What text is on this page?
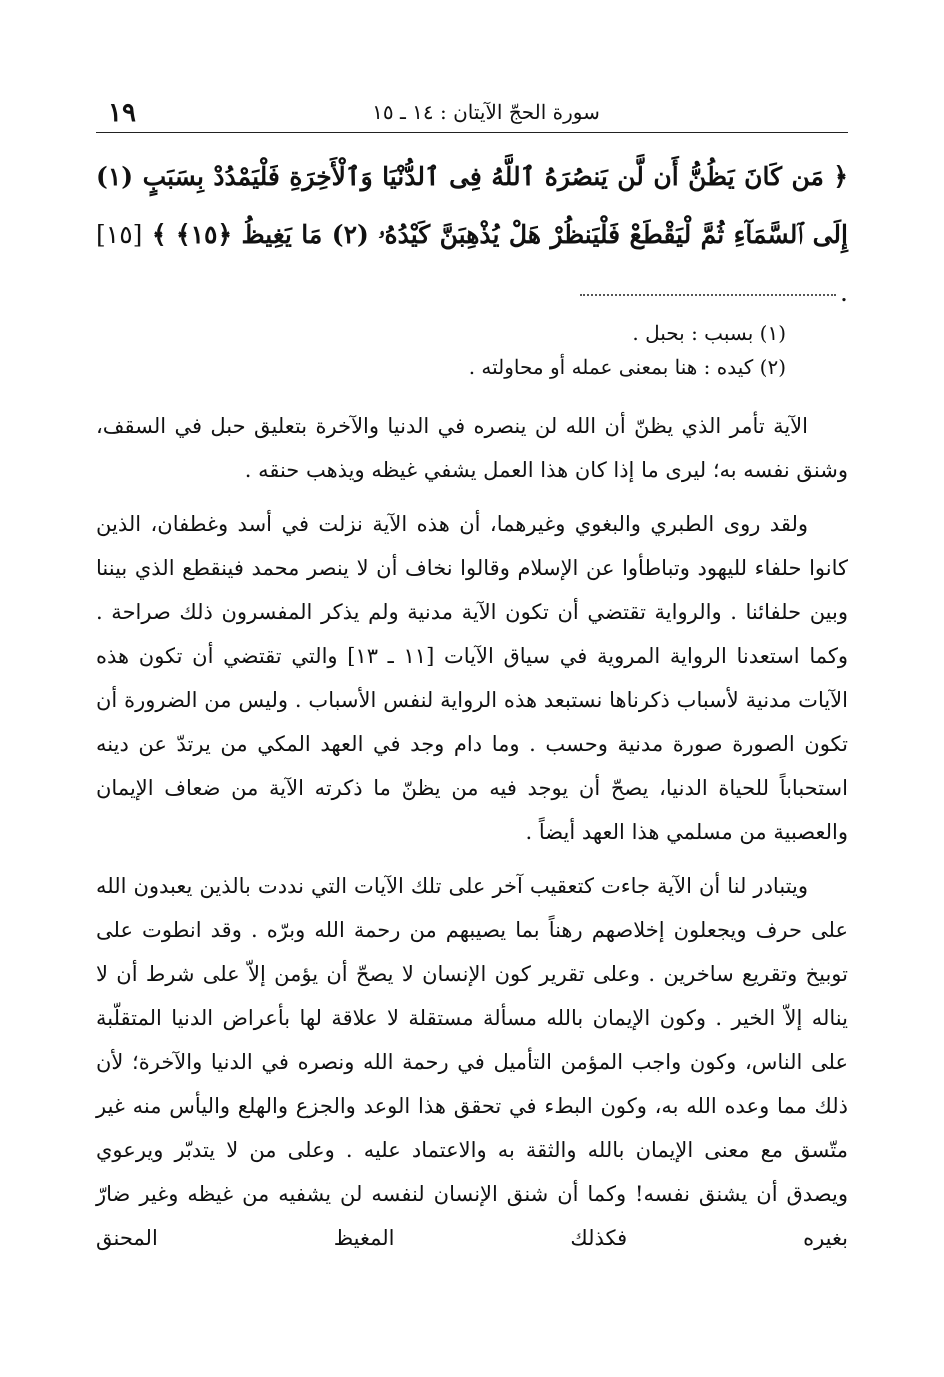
١٩	سورة الحجّ الآيتان : ١٤ ـ ١٥
﴿ مَن كَانَ يَظُنُّ أَن لَّن يَنصُرَهُ ٱللَّهُ فِى ٱلدُّنْيَا وَٱلْأَخِرَةِ فَلْيَمْدُدْ بِسَبَبٍ (١) إِلَى ٱلسَّمَآءِ ثُمَّ لْيَقْطَعْ فَلْيَنظُرْ هَلْ يُذْهِبَنَّ كَيْدُهُۥ (٢) مَا يَغِيظُ ﴿١٥﴾ ﴾ [١٥] .
(١) بسبب : بحبل .
(٢) كيده : هنا بمعنى عمله أو محاولته .

الآية تأمر الذي يظنّ أن الله لن ينصره في الدنيا والآخرة بتعليق حبل في السقف، وشنق نفسه به؛ ليرى ما إذا كان هذا العمل يشفي غيظه ويذهب حنقه .

ولقد روى الطبري والبغوي وغيرهما، أن هذه الآية نزلت في أسد وغطفان، الذين كانوا حلفاء لليهود وتباطأوا عن الإسلام وقالوا نخاف أن لا ينصر محمد فينقطع الذي بيننا وبين حلفائنا . والرواية تقتضي أن تكون الآية مدنية ولم يذكر المفسرون ذلك صراحة . وكما استعدنا الرواية المروية في سياق الآيات [١١ ـ ١٣] والتي تقتضي أن تكون هذه الآيات مدنية لأسباب ذكرناها نستبعد هذه الرواية لنفس الأسباب . وليس من الضرورة أن تكون الصورة صورة مدنية وحسب . وما دام وجد في العهد المكي من يرتدّ عن دينه استحباباً للحياة الدنيا، يصحّ أن يوجد فيه من يظنّ ما ذكرته الآية من ضعاف الإيمان والعصبية من مسلمي هذا العهد أيضاً .

ويتبادر لنا أن الآية جاءت كتعقيب آخر على تلك الآيات التي نددت بالذين يعبدون الله على حرف ويجعلون إخلاصهم رهناً بما يصيبهم من رحمة الله وبرّه . وقد انطوت على توبيخ وتقريع ساخرين . وعلى تقرير كون الإنسان لا يصحّ أن يؤمن إلاّ على شرط أن لا يناله إلاّ الخير . وكون الإيمان بالله مسألة مستقلة لا علاقة لها بأعراض الدنيا المتقلّبة على الناس، وكون واجب المؤمن التأميل في رحمة الله ونصره في الدنيا والآخرة؛ لأن ذلك مما وعده الله به، وكون البطء في تحقق هذا الوعد والجزع والهلع واليأس منه غير متّسق مع معنى الإيمان بالله والثقة به والاعتماد عليه . وعلى من لا يتدبّر ويرعوي ويصدق أن يشنق نفسه! وكما أن شنق الإنسان لنفسه لن يشفيه من غيظه وغير ضارّ بغيره فكذلك المغيظ المحنق
